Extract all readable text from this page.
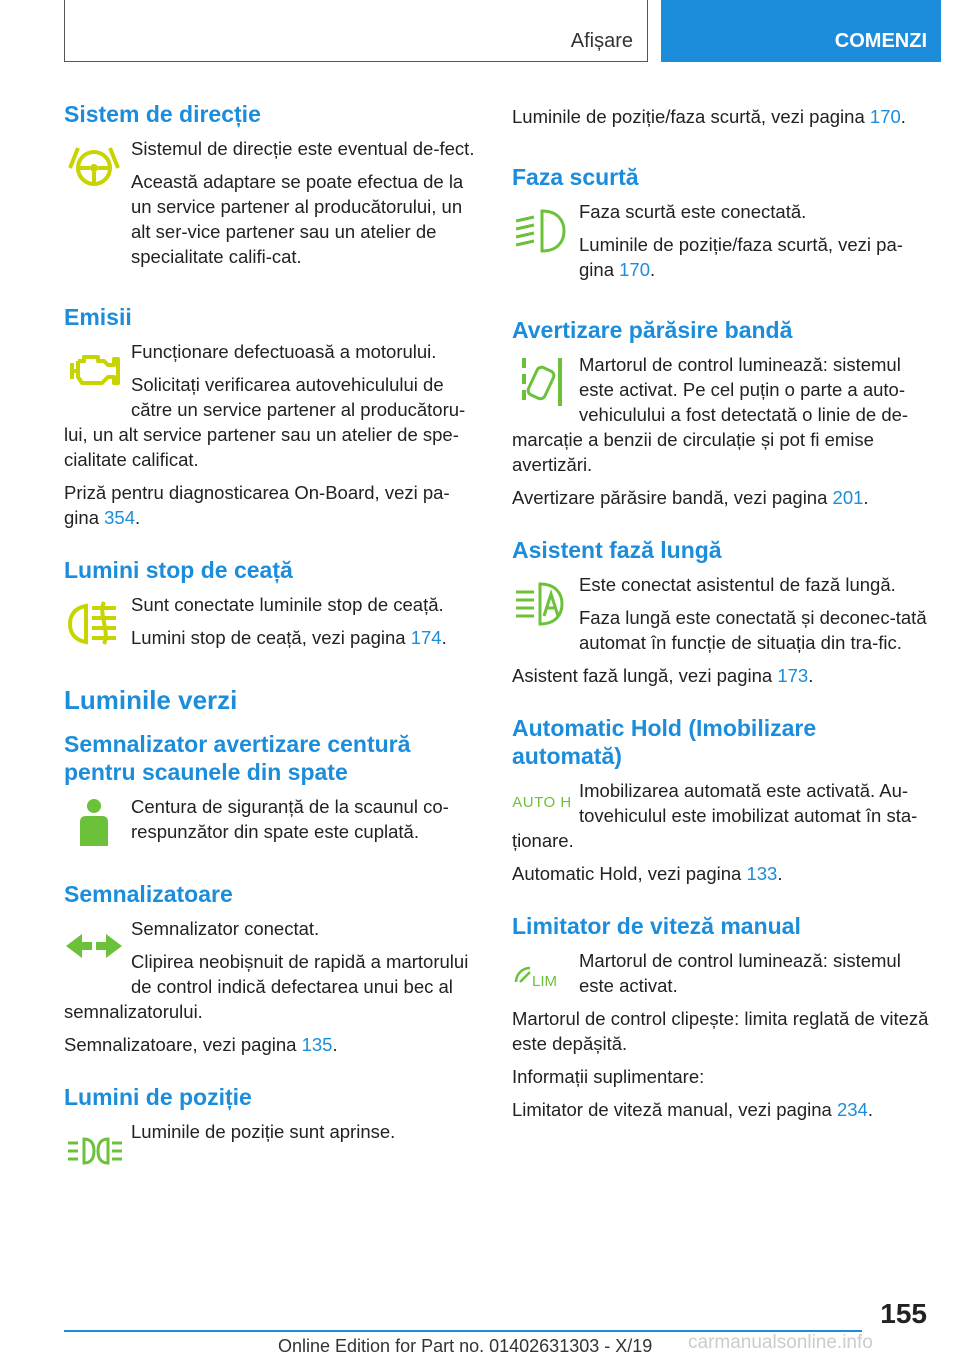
Afișare	COMENZI
Sistem de direcție

Sistemul de direcție este eventual de-fect.

Această adaptare se poate efectua de la un service partener al producătorului, un alt ser-vice partener sau un atelier de specialitate califi-cat.

Emisii

Funcționare defectuoasă a motorului.

Solicitați verificarea autovehiculului de către un service partener al producătoru-lui, un alt service partener sau un atelier de spe-cialitate calificat.

Priză pentru diagnosticarea On-Board, vezi pa-gina 354.

Lumini stop de ceață

Sunt conectate luminile stop de ceață.

Lumini stop de ceață, vezi pagina 174.

Luminile verzi
Semnalizator avertizare centură pentru scaunele din spate

Centura de siguranță de la scaunul co-respunzător din spate este cuplată.

Semnalizatoare

Semnalizator conectat.

Clipirea neobișnuit de rapidă a martorului de control indică defectarea unui bec al semnalizatorului.

Semnalizatoare, vezi pagina 135.

Lumini de poziție

Luminile de poziție sunt aprinse.

Luminile de poziție/faza scurtă, vezi pagina 170.

Faza scurtă

Faza scurtă este conectată.

Luminile de poziție/faza scurtă, vezi pa-gina 170.

Avertizare părăsire bandă

Martorul de control luminează: sistemul este activat. Pe cel puțin o parte a auto-vehiculului a fost detectată o linie de de-marcație a benzii de circulație și pot fi emise avertizări.

Avertizare părăsire bandă, vezi pagina 201.

Asistent fază lungă

Este conectat asistentul de fază lungă.

Faza lungă este conectată și deconec-tată automat în funcție de situația din tra-fic.

Asistent fază lungă, vezi pagina 173.

Automatic Hold (Imobilizare automată)
AUTO H

Imobilizarea automată este activată. Au-tovehiculul este imobilizat automat în sta-ționare.

Automatic Hold, vezi pagina 133.

Limitator de viteză manual
LIM

Martorul de control luminează: sistemul este activat.

Martorul de control clipește: limita reglată de viteză este depășită.

Informații suplimentare:

Limitator de viteză manual, vezi pagina 234.

155
Online Edition for Part no. 01402631303 - X/19 carmanualsonline.info
